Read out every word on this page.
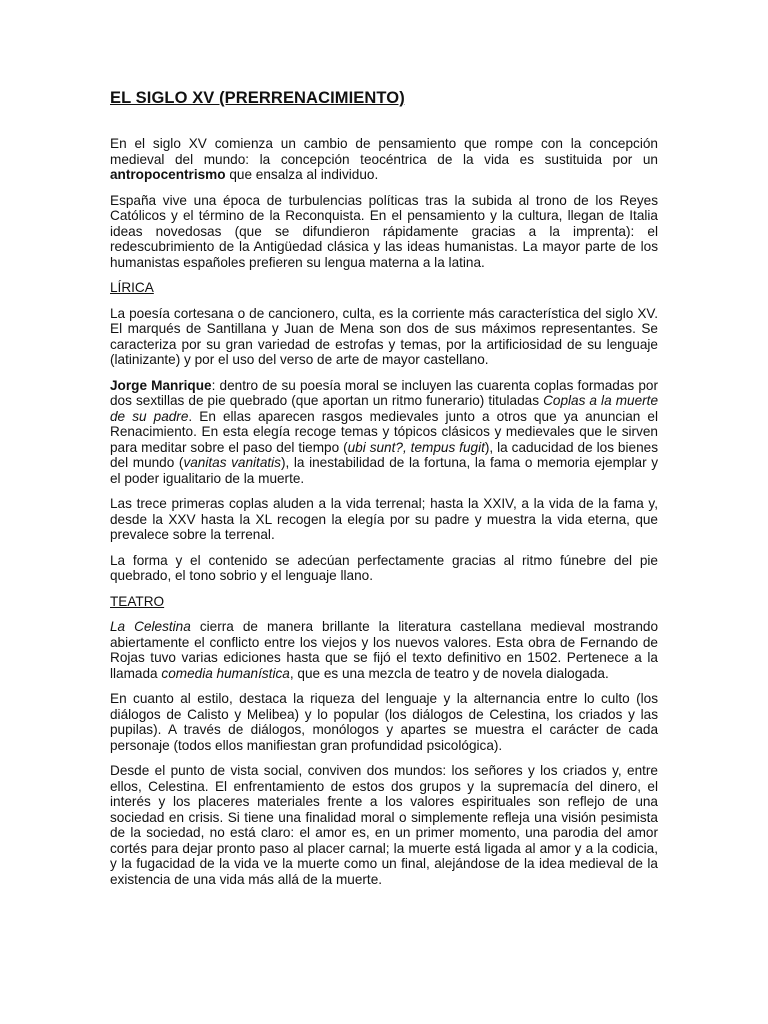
EL SIGLO XV (PRERRENACIMIENTO)

En el siglo XV comienza un cambio de pensamiento que rompe con la concepción medieval del mundo: la concepción teocéntrica de la vida es sustituida por un antropocentrismo que ensalza al individuo.

España vive una época de turbulencias políticas tras la subida al trono de los Reyes Católicos y el término de la Reconquista. En el pensamiento y la cultura, llegan de Italia ideas novedosas (que se difundieron rápidamente gracias a la imprenta): el redescubrimiento de la Antigüedad clásica y las ideas humanistas. La mayor parte de los humanistas españoles prefieren su lengua materna a la latina.

LÍRICA

La poesía cortesana o de cancionero, culta, es la corriente más característica del siglo XV. El marqués de Santillana y Juan de Mena son dos de sus máximos representantes. Se caracteriza por su gran variedad de estrofas y temas, por la artificiosidad de su lenguaje (latinizante) y por el uso del verso de arte de mayor castellano.

Jorge Manrique: dentro de su poesía moral se incluyen las cuarenta coplas formadas por dos sextillas de pie quebrado (que aportan un ritmo funerario) tituladas Coplas a la muerte de su padre. En ellas aparecen rasgos medievales junto a otros que ya anuncian el Renacimiento. En esta elegía recoge temas y tópicos clásicos y medievales que le sirven para meditar sobre el paso del tiempo (ubi sunt?, tempus fugit), la caducidad de los bienes del mundo (vanitas vanitatis), la inestabilidad de la fortuna, la fama o memoria ejemplar y el poder igualitario de la muerte.

Las trece primeras coplas aluden a la vida terrenal; hasta la XXIV, a la vida de la fama y, desde la XXV hasta la XL recogen la elegía por su padre y muestra la vida eterna, que prevalece sobre la terrenal.

La forma y el contenido se adecúan perfectamente gracias al ritmo fúnebre del pie quebrado, el tono sobrio y el lenguaje llano.

TEATRO

La Celestina cierra de manera brillante la literatura castellana medieval mostrando abiertamente el conflicto entre los viejos y los nuevos valores. Esta obra de Fernando de Rojas tuvo varias ediciones hasta que se fijó el texto definitivo en 1502. Pertenece a la llamada comedia humanística, que es una mezcla de teatro y de novela dialogada.

En cuanto al estilo, destaca la riqueza del lenguaje y la alternancia entre lo culto (los diálogos de Calisto y Melibea) y lo popular (los diálogos de Celestina, los criados y las pupilas). A través de diálogos, monólogos y apartes se muestra el carácter de cada personaje (todos ellos manifiestan gran profundidad psicológica).

Desde el punto de vista social, conviven dos mundos: los señores y los criados y, entre ellos, Celestina. El enfrentamiento de estos dos grupos y la supremacía del dinero, el interés y los placeres materiales frente a los valores espirituales son reflejo de una sociedad en crisis. Si tiene una finalidad moral o simplemente refleja una visión pesimista de la sociedad, no está claro: el amor es, en un primer momento, una parodia del amor cortés para dejar pronto paso al placer carnal; la muerte está ligada al amor y a la codicia, y la fugacidad de la vida ve la muerte como un final, alejándose de la idea medieval de la existencia de una vida más allá de la muerte.
